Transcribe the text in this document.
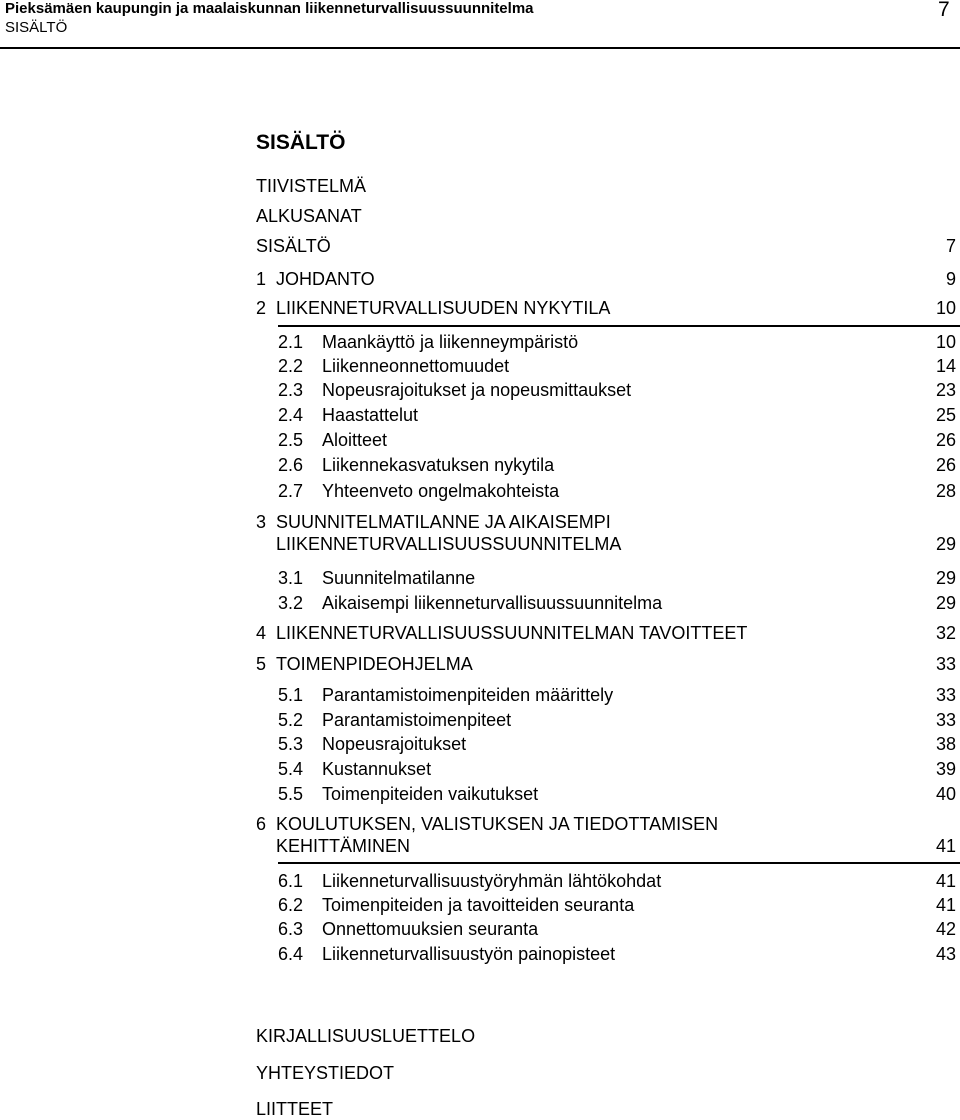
Pieksämäen kaupungin ja maalaiskunnan liikenneturvallisuussuunnitelma
SISÄLTÖ
7
SISÄLTÖ
TIIVISTELMÄ
ALKUSANAT
SISÄLTÖ	7
1 JOHDANTO	9
2 LIIKENNETURVALLISUUDEN NYKYTILA	10
2.1 Maankäyttö ja liikenneympäristö	10
2.2 Liikenneonnettomuudet	14
2.3 Nopeusrajoitukset ja nopeusmittaukset	23
2.4 Haastattelut	25
2.5 Aloitteet	26
2.6 Liikennekasvatuksen nykytila	26
2.7 Yhteenveto ongelmakohteista	28
3 SUUNNITELMATILANNE JA AIKAISEMPI
LIIKENNETURVALLISUUSSUUNNITELMA	29
3.1 Suunnitelmatilanne	29
3.2 Aikaisempi liikenneturvallisuussuunnitelma	29
4 LIIKENNETURVALLISUUSSUUNNITELMAN TAVOITTEET	32
5 TOIMENPIDEOHJELMA	33
5.1 Parantamistoimenpiteiden määrittely	33
5.2 Parantamistoimenpiteet	33
5.3 Nopeusrajoitukset	38
5.4 Kustannukset	39
5.5 Toimenpiteiden vaikutukset	40
6 KOULUTUKSEN, VALISTUKSEN JA TIEDOTTAMISEN
KEHITTÄMINEN	41
6.1 Liikenneturvallisuustyöryhmän lähtökohdat	41
6.2 Toimenpiteiden ja tavoitteiden seuranta	41
6.3 Onnettomuuksien seuranta	42
6.4 Liikenneturvallisuustyön painopisteet	43
KIRJALLISUUSLUETTELO
YHTEYSTIEDOT
LIITTEET
